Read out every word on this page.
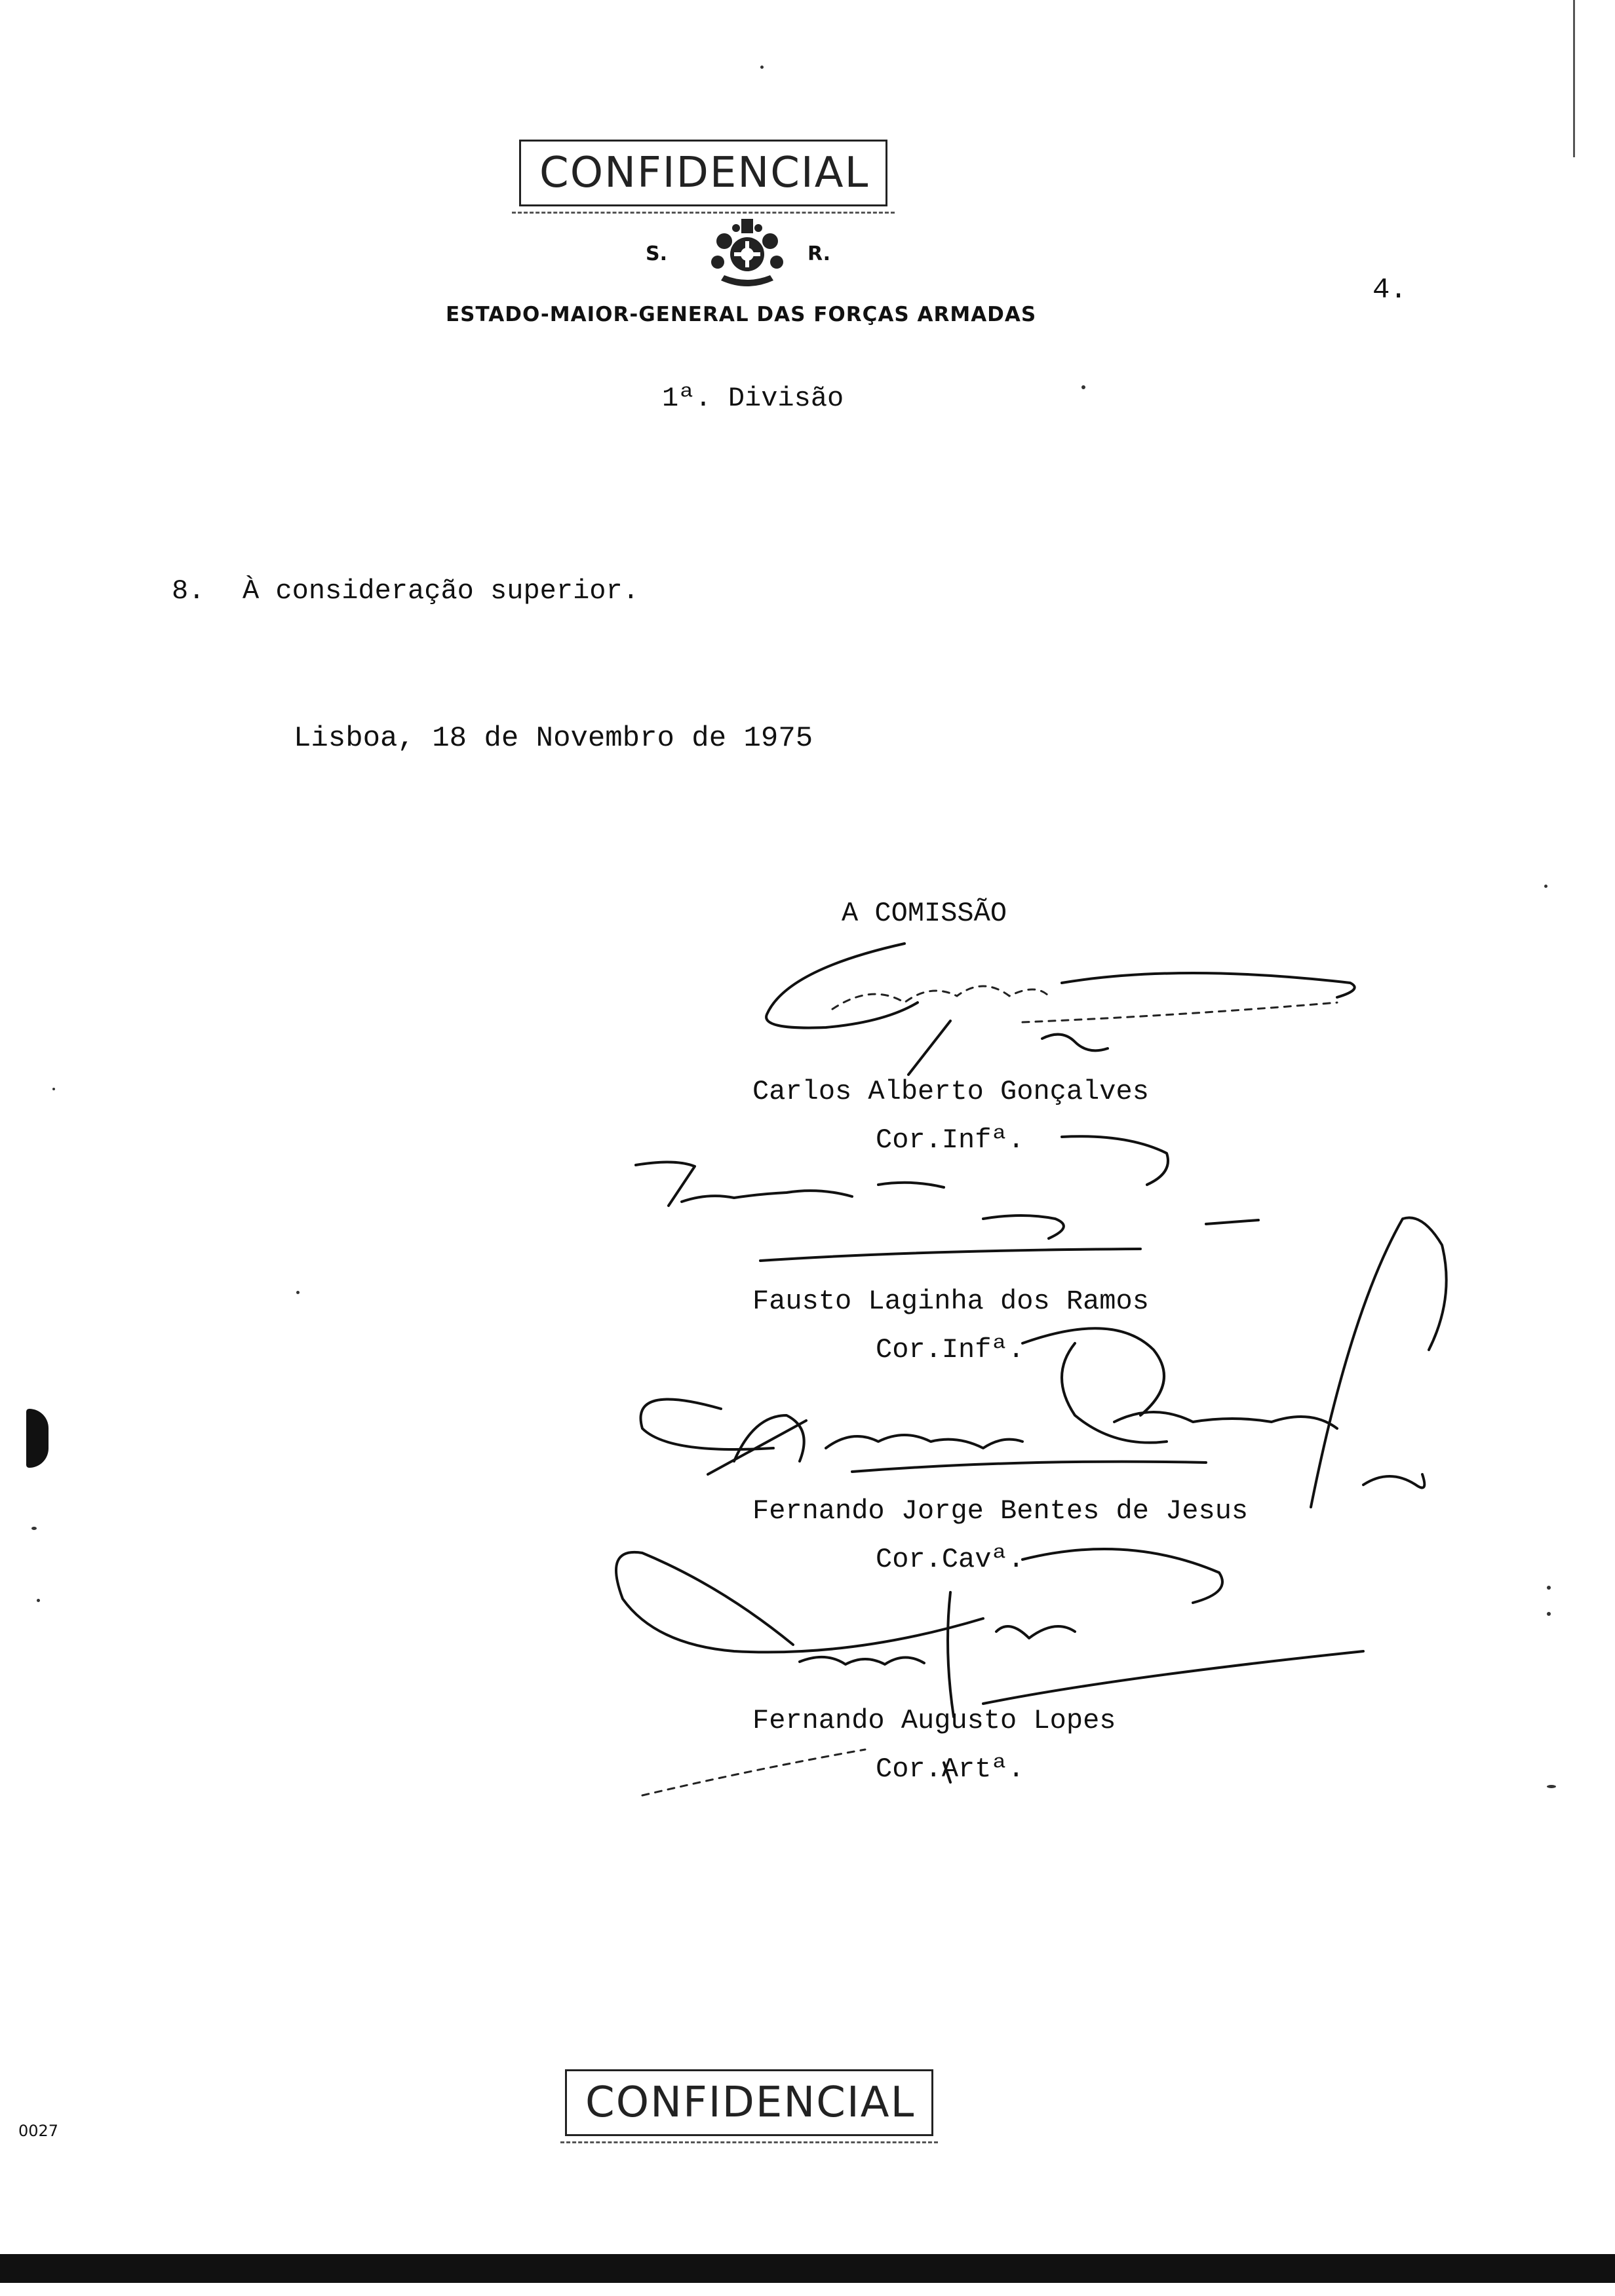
CONFIDENCIAL
S.	R.
ESTADO-MAIOR-GENERAL DAS FORÇAS ARMADAS
4.
1ª. Divisão
8. À consideração superior.
Lisboa, 18 de Novembro de 1975
A COMISSÃO
Carlos Alberto Gonçalves
Cor.Infª.
Fausto Laginha dos Ramos
Cor.Infª.
Fernando Jorge Bentes de Jesus
Cor.Cavª.
Fernando Augusto Lopes
Cor.Artª.
CONFIDENCIAL
0027
